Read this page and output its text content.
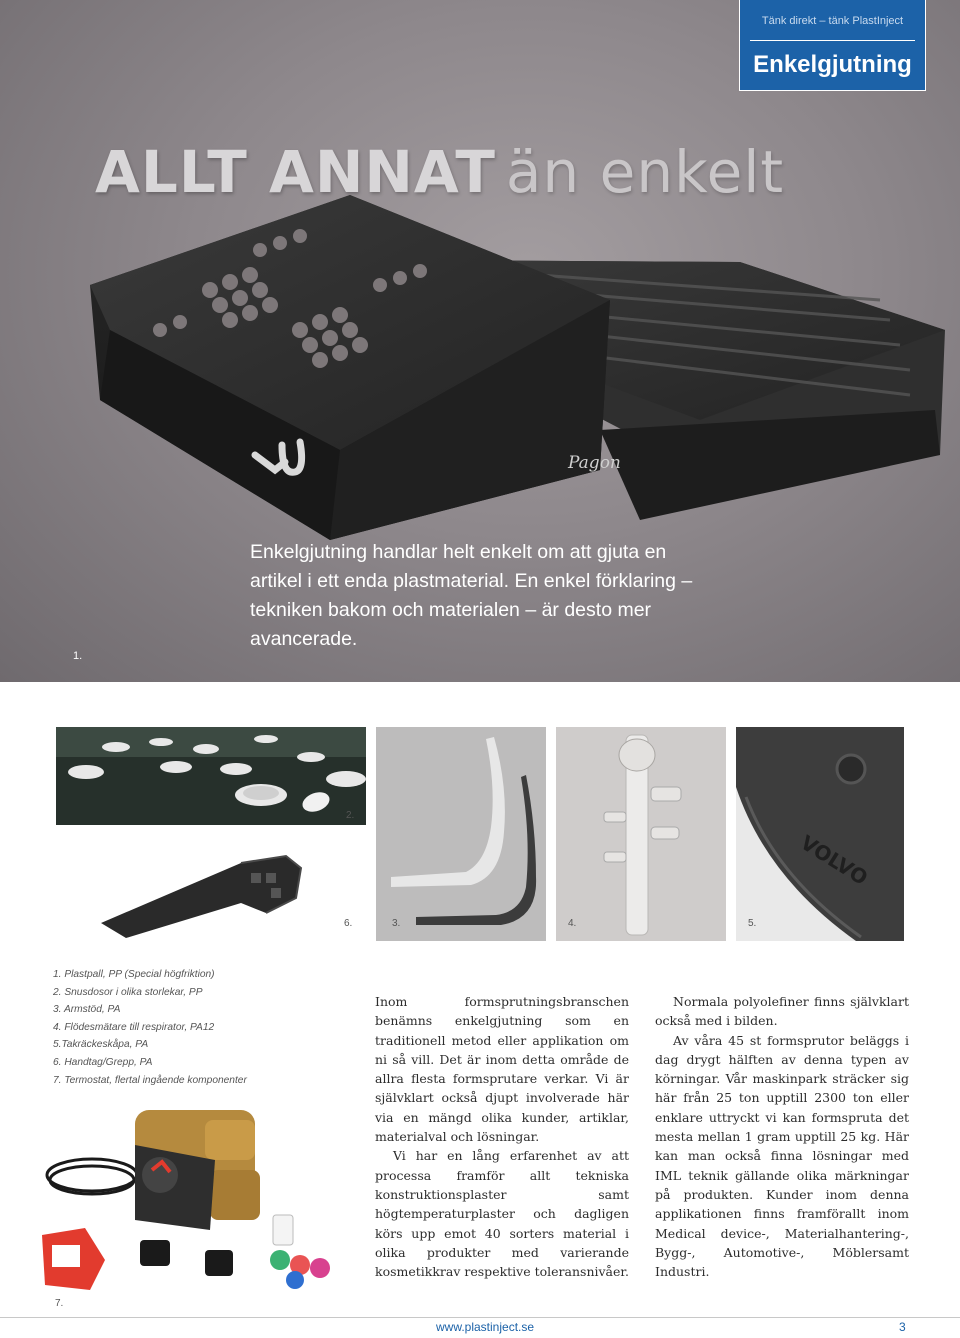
Pagon
ALLT ANNAT än enkelt

Enkelgjutning handlar helt enkelt om att gjuta en artikel i ett enda plastmaterial. En enkel förklaring – tekniken bakom och materialen – är desto mer avancerade.

1.
Tänk direkt – tänk PlastInject
Enkelgjutning
2.
6.	3.	4.
VOLVO
5.
1. Plastpall, PP (Special högfriktion)
2. Snusdosor i olika storlekar, PP
3. Armstöd, PA
4. Flödesmätare till respirator, PA12
5.Takräckeskåpa, PA
6. Handtag/Grepp, PA
7. Termostat, flertal ingående komponenter
7.

Inom formsprutningsbranschen benämns enkelgjutning som en traditionell metod eller applikation om ni så vill. Det är inom detta område de allra flesta formsprutare verkar. Vi är självklart också djupt involverade här via en mängd olika kunder, artiklar, materialval och lösningar.

Vi har en lång erfarenhet av att processa framför allt tekniska konstruktionsplaster samt högtemperaturplaster och dagligen körs upp emot 40 sorters material i olika produkter med varierande kosmetikkrav respektive toleransnivåer.

Normala polyolefiner finns självklart också med i bilden.

Av våra 45 st formsprutor beläggs i dag drygt hälften av denna typen av körningar. Vår maskinpark sträcker sig här från 25 ton upptill 2300 ton eller enklare uttryckt vi kan formspruta det mesta mellan 1 gram upptill 25 kg. Här kan man också finna lösningar med IML teknik gällande olika märkningar på produkten. Kunder inom denna applikationen finns framförallt inom Medical device-, Materialhantering-, Bygg-, Automotive-, Möblersamt Industri.

www.plastinject.se	3
